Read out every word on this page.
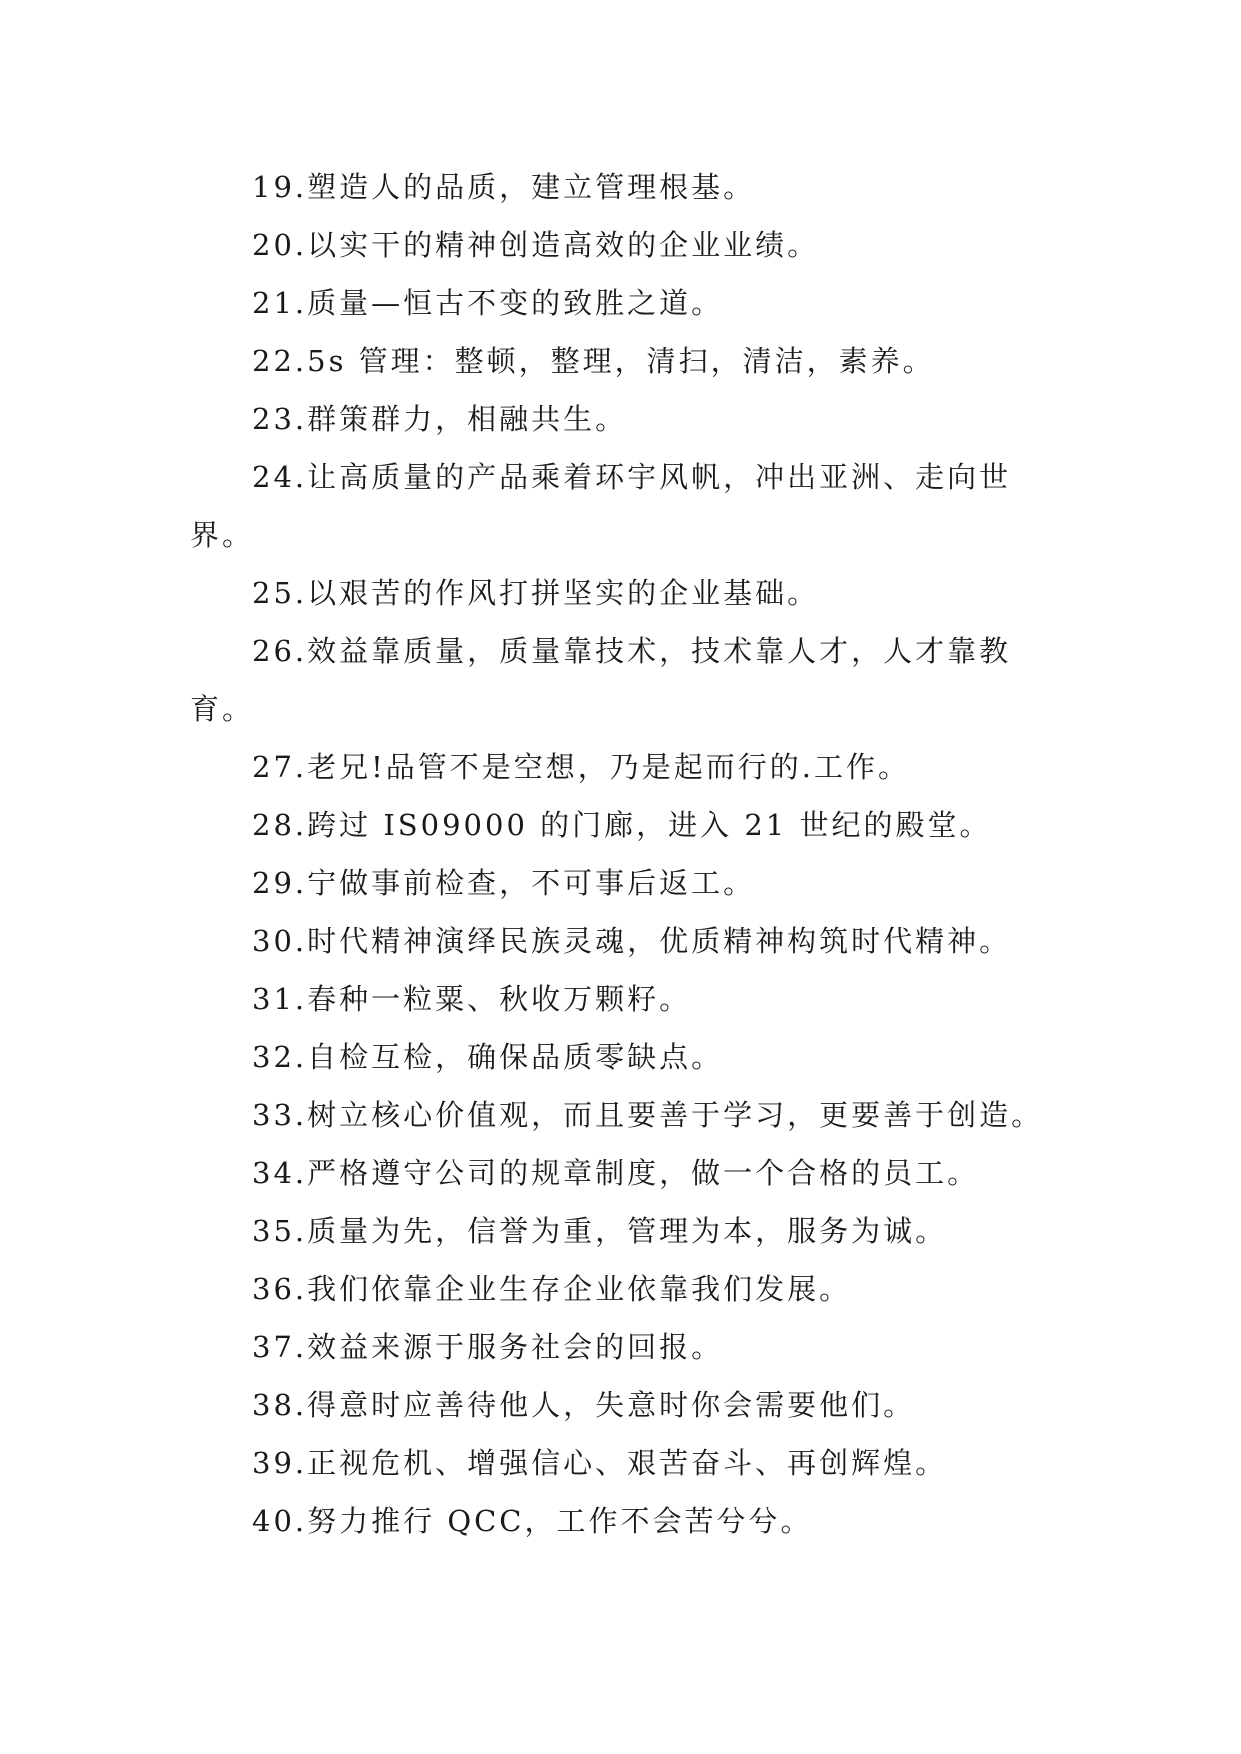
19.塑造人的品质，建立管理根基。

20.以实干的精神创造高效的企业业绩。

21.质量—恒古不变的致胜之道。

22.5s 管理：整顿，整理，清扫，清洁，素养。

23.群策群力，相融共生。

24.让高质量的产品乘着环宇风帆，冲出亚洲、走向世界。

25.以艰苦的作风打拼坚实的企业基础。

26.效益靠质量，质量靠技术，技术靠人才，人才靠教育。

27.老兄!品管不是空想，乃是起而行的.工作。

28.跨过 IS09000 的门廊，进入 21 世纪的殿堂。

29.宁做事前检查，不可事后返工。

30.时代精神演绎民族灵魂，优质精神构筑时代精神。

31.春种一粒粟、秋收万颗籽。

32.自检互检，确保品质零缺点。

33.树立核心价值观，而且要善于学习，更要善于创造。

34.严格遵守公司的规章制度，做一个合格的员工。

35.质量为先，信誉为重，管理为本，服务为诚。

36.我们依靠企业生存企业依靠我们发展。

37.效益来源于服务社会的回报。

38.得意时应善待他人，失意时你会需要他们。

39.正视危机、增强信心、艰苦奋斗、再创辉煌。

40.努力推行 QCC，工作不会苦兮兮。
